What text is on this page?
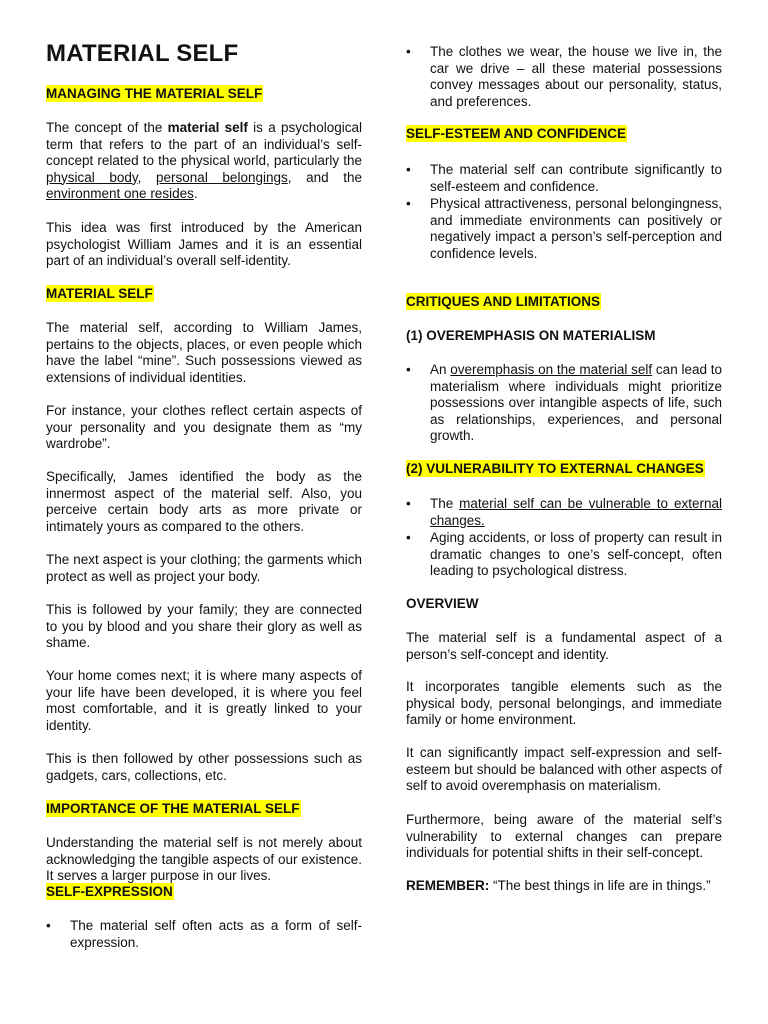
MATERIAL SELF
MANAGING THE MATERIAL SELF

The concept of the material self is a psychological term that refers to the part of an individual’s self-concept related to the physical world, particularly the physical body, personal belongings, and the environment one resides.

This idea was first introduced by the American psychologist William James and it is an essential part of an individual’s overall self-identity.

MATERIAL SELF

The material self, according to William James, pertains to the objects, places, or even people which have the label “mine”. Such possessions viewed as extensions of individual identities.

For instance, your clothes reflect certain aspects of your personality and you designate them as “my wardrobe”.

Specifically, James identified the body as the innermost aspect of the material self. Also, you perceive certain body arts as more private or intimately yours as compared to the others.

The next aspect is your clothing; the garments which protect as well as project your body.

This is followed by your family; they are connected to you by blood and you share their glory as well as shame.

Your home comes next; it is where many aspects of your life have been developed, it is where you feel most comfortable, and it is greatly linked to your identity.

This is then followed by other possessions such as gadgets, cars, collections, etc.

IMPORTANCE OF THE MATERIAL SELF

Understanding the material self is not merely about acknowledging the tangible aspects of our existence. It serves a larger purpose in our lives.

SELF-EXPRESSION
• The material self often acts as a form of self-expression.

• The clothes we wear, the house we live in, the car we drive – all these material possessions convey messages about our personality, status, and preferences.

SELF-ESTEEM AND CONFIDENCE
• The material self can contribute significantly to self-esteem and confidence.

• Physical attractiveness, personal belongingness, and immediate environments can positively or negatively impact a person’s self-perception and confidence levels.

CRITIQUES AND LIMITATIONS
(1) OVEREMPHASIS ON MATERIALISM
• An overemphasis on the material self can lead to materialism where individuals might prioritize possessions over intangible aspects of life, such as relationships, experiences, and personal growth.

(2) VULNERABILITY TO EXTERNAL CHANGES
• The material self can be vulnerable to external changes.

• Aging accidents, or loss of property can result in dramatic changes to one’s self-concept, often leading to psychological distress.

OVERVIEW

The material self is a fundamental aspect of a person’s self-concept and identity.

It incorporates tangible elements such as the physical body, personal belongings, and immediate family or home environment.

It can significantly impact self-expression and self-esteem but should be balanced with other aspects of self to avoid overemphasis on materialism.

Furthermore, being aware of the material self’s vulnerability to external changes can prepare individuals for potential shifts in their self-concept.

REMEMBER: “The best things in life are in things.”
